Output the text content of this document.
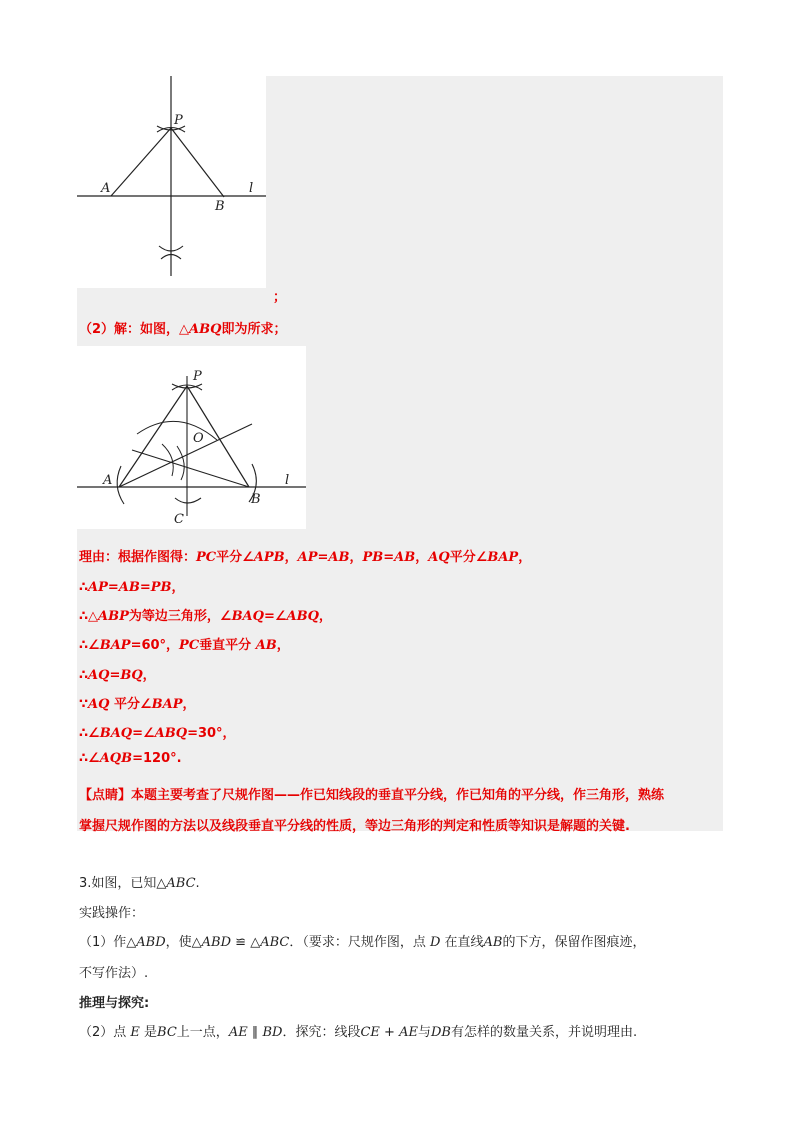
P
A
B
l
；
（2）解：如图，△ABQ即为所求；
P
O
A
B
C
l
理由：根据作图得：PC平分∠APB，AP=AB，PB=AB，AQ平分∠BAP，
∴AP=AB=PB，
∴△ABP为等边三角形，∠BAQ=∠ABQ，
∴∠BAP=60°，PC垂直平分 AB，
∴AQ=BQ，
∵AQ 平分∠BAP，
∴∠BAQ=∠ABQ=30°，
∴∠AQB=120°.
【点睛】本题主要考查了尺规作图——作已知线段的垂直平分线，作已知角的平分线，作三角形，熟练
掌握尺规作图的方法以及线段垂直平分线的性质，等边三角形的判定和性质等知识是解题的关键.
3.如图，已知△ABC.
实践操作：
（1）作△ABD，使△ABD ≌ △ABC．（要求：尺规作图，点 D 在直线AB的下方，保留作图痕迹，
不写作法）.
推理与探究:
（2）点 E 是BC上一点，AE ∥ BD．探究：线段CE + AE与DB有怎样的数量关系，并说明理由.
